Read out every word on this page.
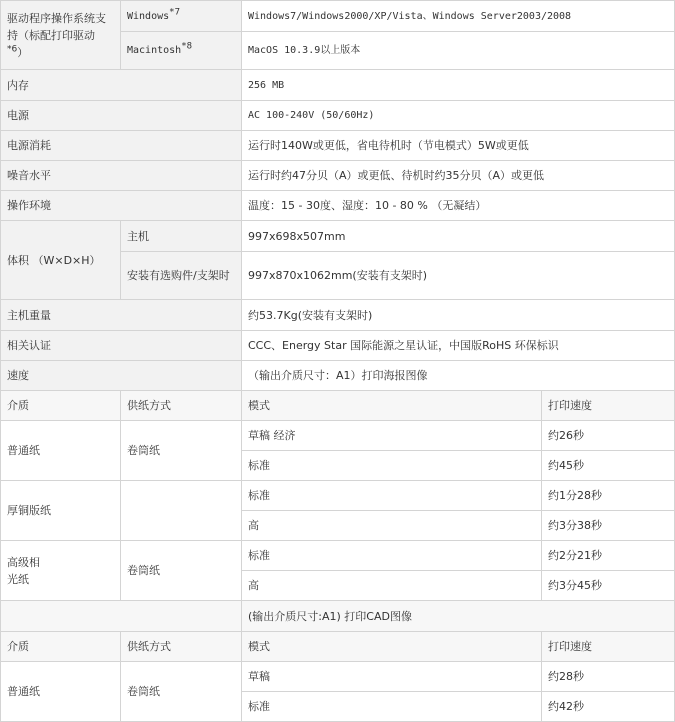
驱动程序操作系统支持（标配打印驱动$^{*6}$）	Windows$^{*7}$	Windows7/Windows2000/XP/Vista、Windows Server2003/2008	
	Macintosh$^{*8}$	MacOS 10.3.9以上版本	
内存		256 MB	
电源		AC 100-240V (50/60Hz)	
电源消耗		运行时140W或更低，省电待机时（节电模式）5W或更低	
噪音水平		运行时约47分贝（A）或更低、待机时约35分贝（A）或更低	
操作环境		温度：15 - 30度、湿度：10 - 80 % （无凝结）	
体积 （W×D×H）	主机	997x698x507mm	
	安装有选购件/支架时	997x870x1062mm(安装有支架时)	
主机重量		约53.7Kg(安装有支架时)	
相关认证		CCC、Energy Star 国际能源之星认证，中国版RoHS 环保标识	
速度		（输出介质尺寸：A1）打印海报图像	
介质	供纸方式	模式	打印速度
普通纸	卷筒纸	草稿 经济	约26秒
		标准	约45秒
厚铜版纸		标准	约1分28秒
		高	约3分38秒

高级相光纸	卷筒纸	标准	约2分21秒
		高	约3分45秒
		(输出介质尺寸:A1) 打印CAD图像	
介质	供纸方式	模式	打印速度
普通纸	卷筒纸	草稿	约28秒
		标准	约42秒
